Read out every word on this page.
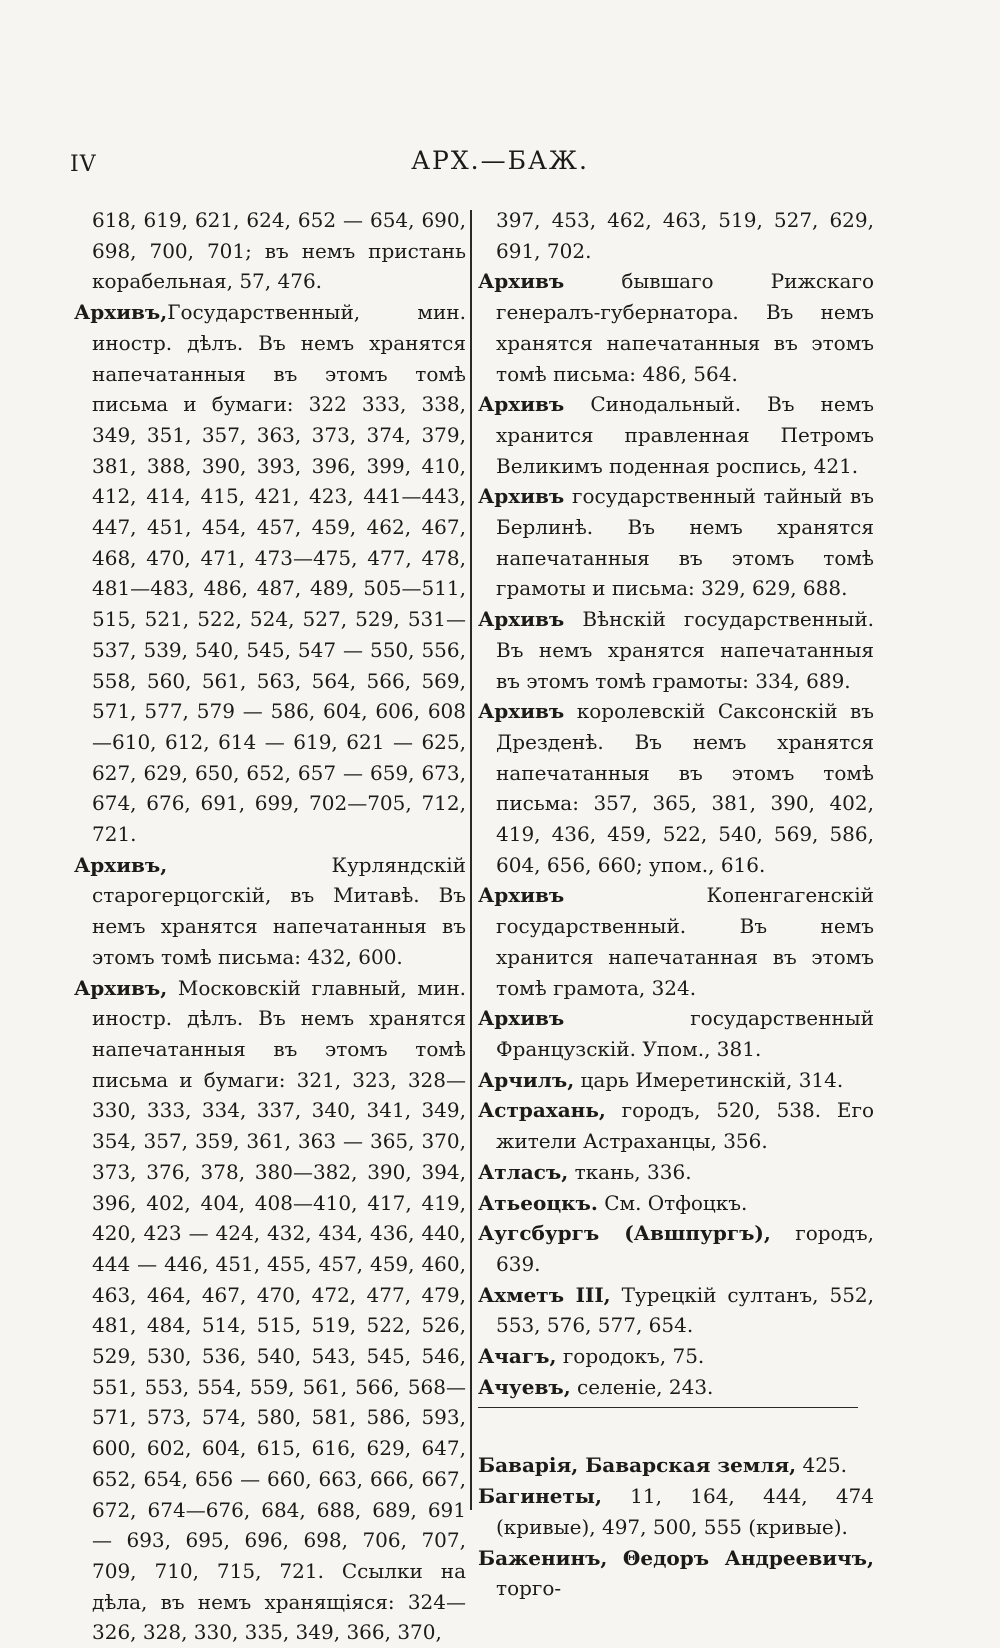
IV	АРХ.—БАЖ.

618, 619, 621, 624, 652 — 654, 690, 698, 700, 701; въ немъ пристань корабельная, 57, 476.

Архивъ,Государственный, мин. иностр. дѣлъ. Въ немъ хранятся напечатанныя въ этомъ томѣ письма и бумаги: 322 333, 338, 349, 351, 357, 363, 373, 374, 379, 381, 388, 390, 393, 396, 399, 410, 412, 414, 415, 421, 423, 441—443, 447, 451, 454, 457, 459, 462, 467, 468, 470, 471, 473—475, 477, 478, 481—483, 486, 487, 489, 505—511, 515, 521, 522, 524, 527, 529, 531—537, 539, 540, 545, 547 — 550, 556, 558, 560, 561, 563, 564, 566, 569, 571, 577, 579 — 586, 604, 606, 608—610, 612, 614 — 619, 621 — 625, 627, 629, 650, 652, 657 — 659, 673, 674, 676, 691, 699, 702—705, 712, 721.

Архивъ,	Курляндскій старогерцогскій, въ Митавѣ. Въ немъ хранятся напечатанныя въ этомъ томѣ письма: 432, 600.

Архивъ, Московскій главный, мин. иностр. дѣлъ. Въ немъ хранятся напечатанныя въ этомъ томѣ письма и бумаги: 321, 323, 328—330, 333, 334, 337, 340, 341, 349, 354, 357, 359, 361, 363 — 365, 370, 373, 376, 378, 380—382, 390, 394, 396, 402, 404, 408—410, 417, 419, 420, 423 — 424, 432, 434, 436, 440, 444 — 446, 451, 455, 457, 459, 460, 463, 464, 467, 470, 472, 477, 479, 481, 484, 514, 515, 519, 522, 526, 529, 530, 536, 540, 543, 545, 546, 551, 553, 554, 559, 561, 566, 568—571, 573, 574, 580, 581, 586, 593, 600, 602, 604, 615, 616, 629, 647, 652, 654, 656 — 660, 663, 666, 667, 672, 674—676, 684, 688, 689, 691 — 693, 695, 696, 698, 706, 707, 709, 710, 715, 721. Ссылки на дѣла, въ немъ хранящіяся: 324—326, 328, 330, 335, 349, 366, 370,

397, 453, 462, 463, 519, 527, 629, 691, 702.

Архивъ	бывшаго Рижскаго генералъ-губернатора. Въ немъ хранятся напечатанныя въ этомъ томѣ письма: 486, 564.

Архивъ Синодальный. Въ немъ хранится правленная Петромъ Великимъ поденная роспись, 421.

Архивъ государственный тайный въ Берлинѣ. Въ немъ хранятся напечатанныя въ этомъ томѣ грамоты и письма: 329, 629, 688.

Архивъ Вѣнскій государственный. Въ немъ хранятся напечатанныя въ этомъ томѣ грамоты: 334, 689.

Архивъ королевскій Саксонскій въ Дрезденѣ. Въ немъ хранятся напечатанныя въ этомъ томѣ письма: 357, 365, 381, 390, 402, 419, 436, 459, 522, 540, 569, 586, 604, 656, 660; упом., 616.

Архивъ	Копенгагенскій государственный. Въ немъ хранится напечатанная въ этомъ томѣ грамота, 324.

Архивъ	государственный Французскій. Упом., 381.

Арчилъ, царь Имеретинскій, 314.

Астрахань, городъ, 520, 538. Его жители Астраханцы, 356.

Атласъ, ткань, 336.

Атьеоцкъ. См. Отфоцкъ.

Аугсбургъ (Авшпургъ), городъ, 639.

Ахметъ III, Турецкій султанъ, 552, 553, 576, 577, 654.

Ачагъ, городокъ, 75.

Ачуевъ, селеніе, 243.

Баварія, Баварская земля, 425.

Багинеты, 11, 164, 444, 474 (кривые), 497, 500, 555 (кривые).

Баженинъ, Θедоръ Андреевичъ, торго-
